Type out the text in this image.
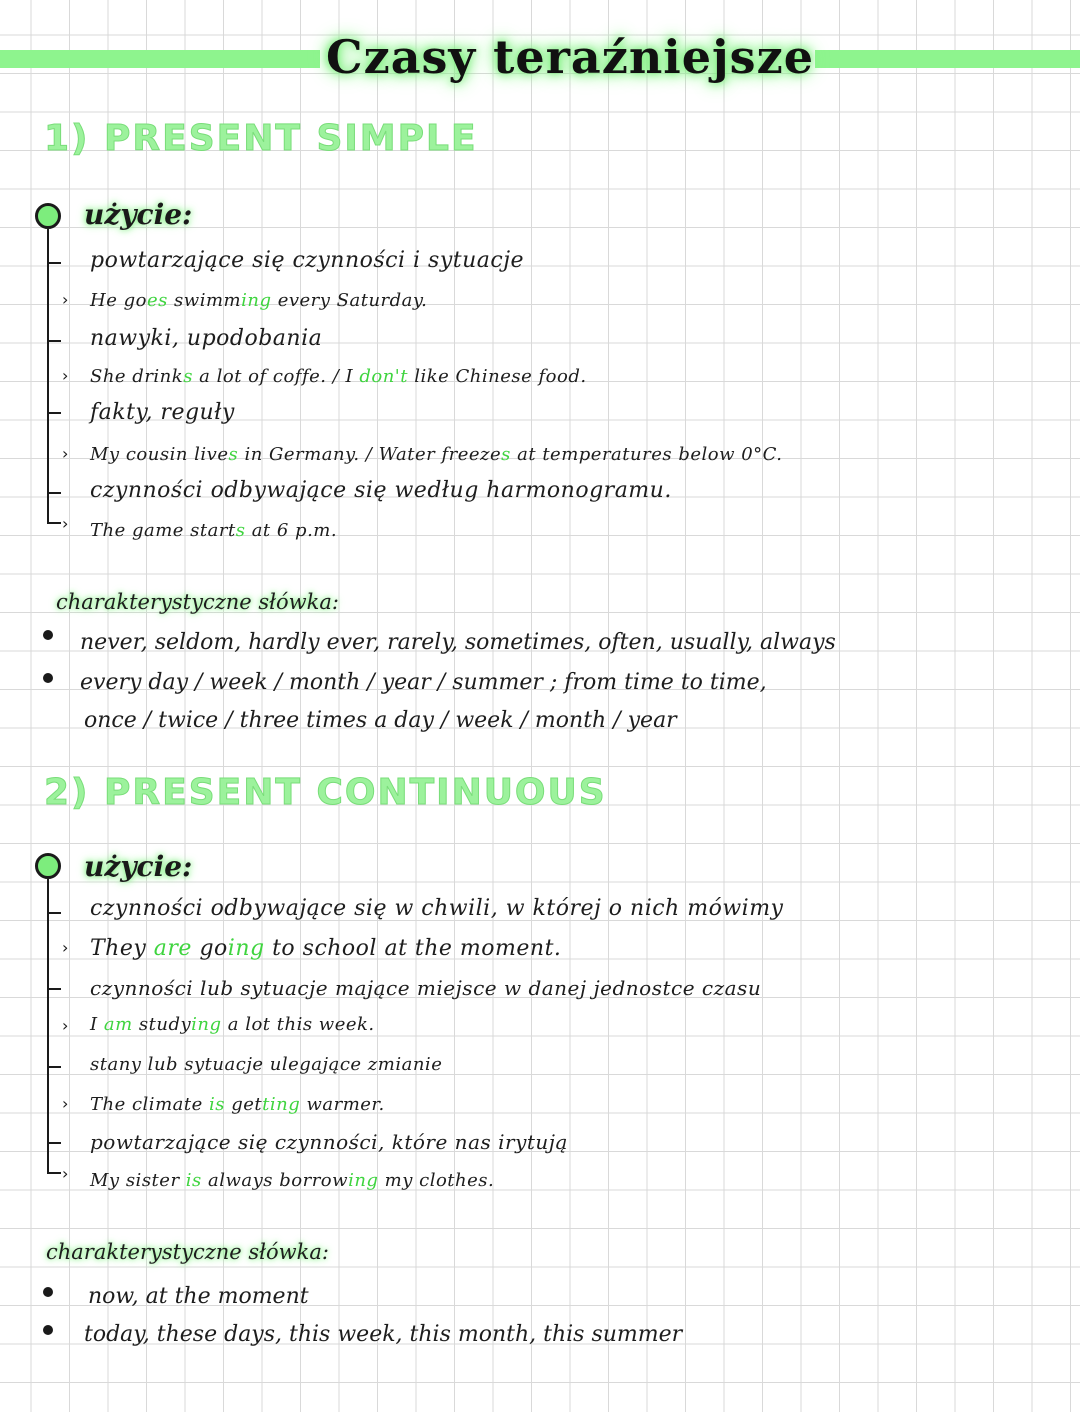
Czasy teraźniejsze
1) PRESENT SIMPLE
użycie:
powtarzające się czynności i sytuacje
› He goes swimming every Saturday.
nawyki, upodobania
› She drinks a lot of coffe. / I don't like Chinese food.
fakty, reguły
› My cousin lives in Germany. / Water freezes at temperatures below 0°C.
czynności odbywające się według harmonogramu.
› The game starts at 6 p.m.
charakterystyczne słówka:
never, seldom, hardly ever, rarely, sometimes, often, usually, always
every day / week / month / year / summer ; from time to time,
once / twice / three times a day / week / month / year
2) PRESENT CONTINUOUS
użycie:
czynności odbywające się w chwili, w której o nich mówimy
› They are going to school at the moment.
czynności lub sytuacje mające miejsce w danej jednostce czasu
› I am studying a lot this week.
stany lub sytuacje ulegające zmianie
› The climate is getting warmer.
powtarzające się czynności, które nas irytują
› My sister is always borrowing my clothes.
charakterystyczne słówka:
now, at the moment
today, these days, this week, this month, this summer
